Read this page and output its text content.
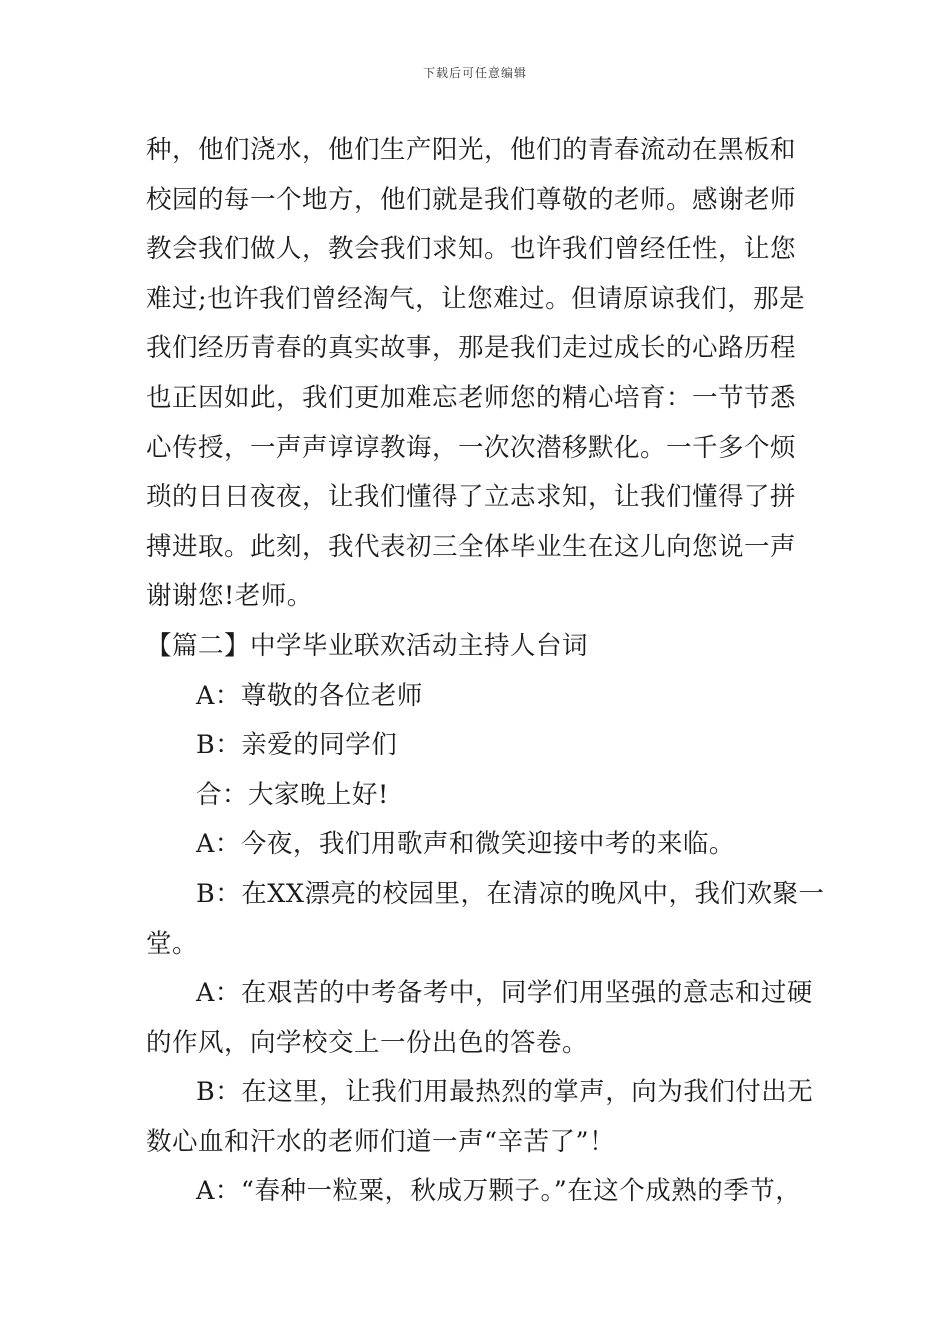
下载后可任意编辑
种，他们浇水，他们生产阳光，他们的青春流动在黑板和
校园的每一个地方，他们就是我们尊敬的老师。感谢老师
教会我们做人，教会我们求知。也许我们曾经任性，让您
难过;也许我们曾经淘气，让您难过。但请原谅我们，那是
我们经历青春的真实故事，那是我们走过成长的心路历程
也正因如此，我们更加难忘老师您的精心培育：一节节悉
心传授，一声声谆谆教诲，一次次潜移默化。一千多个烦
琐的日日夜夜，让我们懂得了立志求知，让我们懂得了拼
搏进取。此刻，我代表初三全体毕业生在这儿向您说一声
谢谢您!老师。
【篇二】中学毕业联欢活动主持人台词
A：尊敬的各位老师
B：亲爱的同学们
合：大家晚上好!
A：今夜，我们用歌声和微笑迎接中考的来临。
B：在XX漂亮的校园里，在清凉的晚风中，我们欢聚一
堂。
A：在艰苦的中考备考中，同学们用坚强的意志和过硬
的作风，向学校交上一份出色的答卷。
B：在这里，让我们用最热烈的掌声，向为我们付出无
数心血和汗水的老师们道一声“辛苦了”！
A：“春种一粒粟，秋成万颗子。”在这个成熟的季节，
